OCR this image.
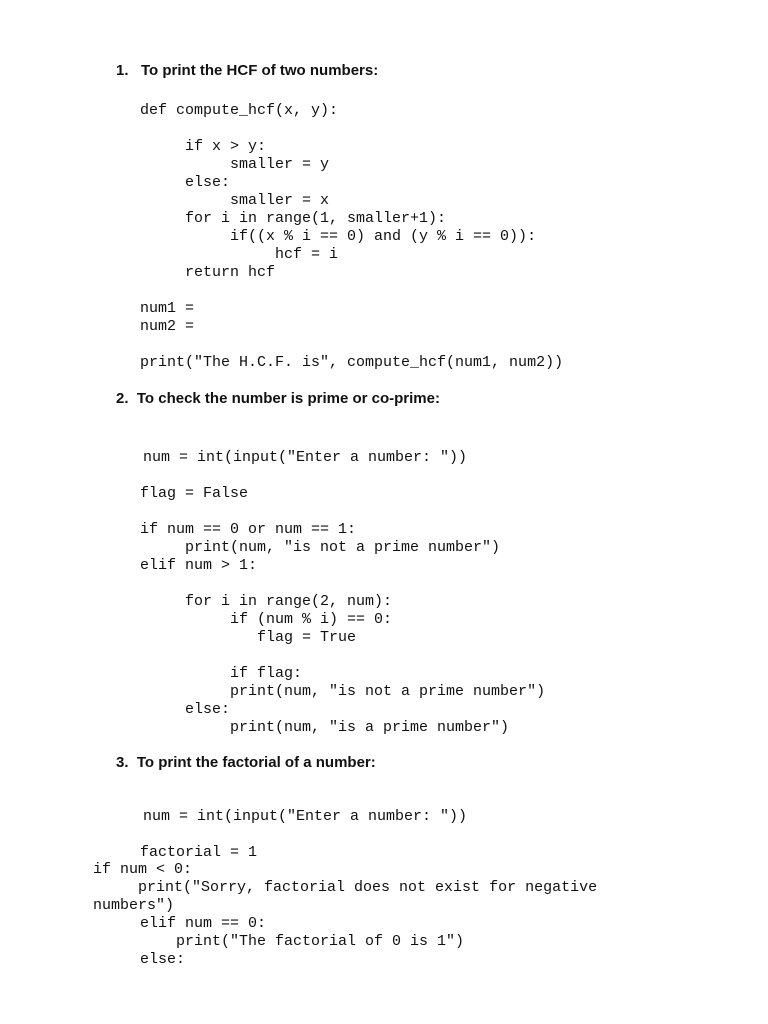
1.   To print the HCF of two numbers:

def compute_hcf(x, y):

if x > y:
smaller = y
else:
smaller = x
for i in range(1, smaller+1):
if((x % i == 0) and (y % i == 0)):
hcf = i
return hcf

num1 =
num2 =

print("The H.C.F. is", compute_hcf(num1, num2))

2.  To check the number is prime or co-prime:

num = int(input("Enter a number: "))

flag = False

if num == 0 or num == 1:
print(num, "is not a prime number")
elif num > 1:

for i in range(2, num):
if (num % i) == 0:
flag = True

if flag:
print(num, "is not a prime number")
else:
print(num, "is a prime number")

3.  To print the factorial of a number:

num = int(input("Enter a number: "))
factorial = 1
if num < 0:
print("Sorry, factorial does not exist for negative
numbers")
elif num == 0:
print("The factorial of 0 is 1")
else:
